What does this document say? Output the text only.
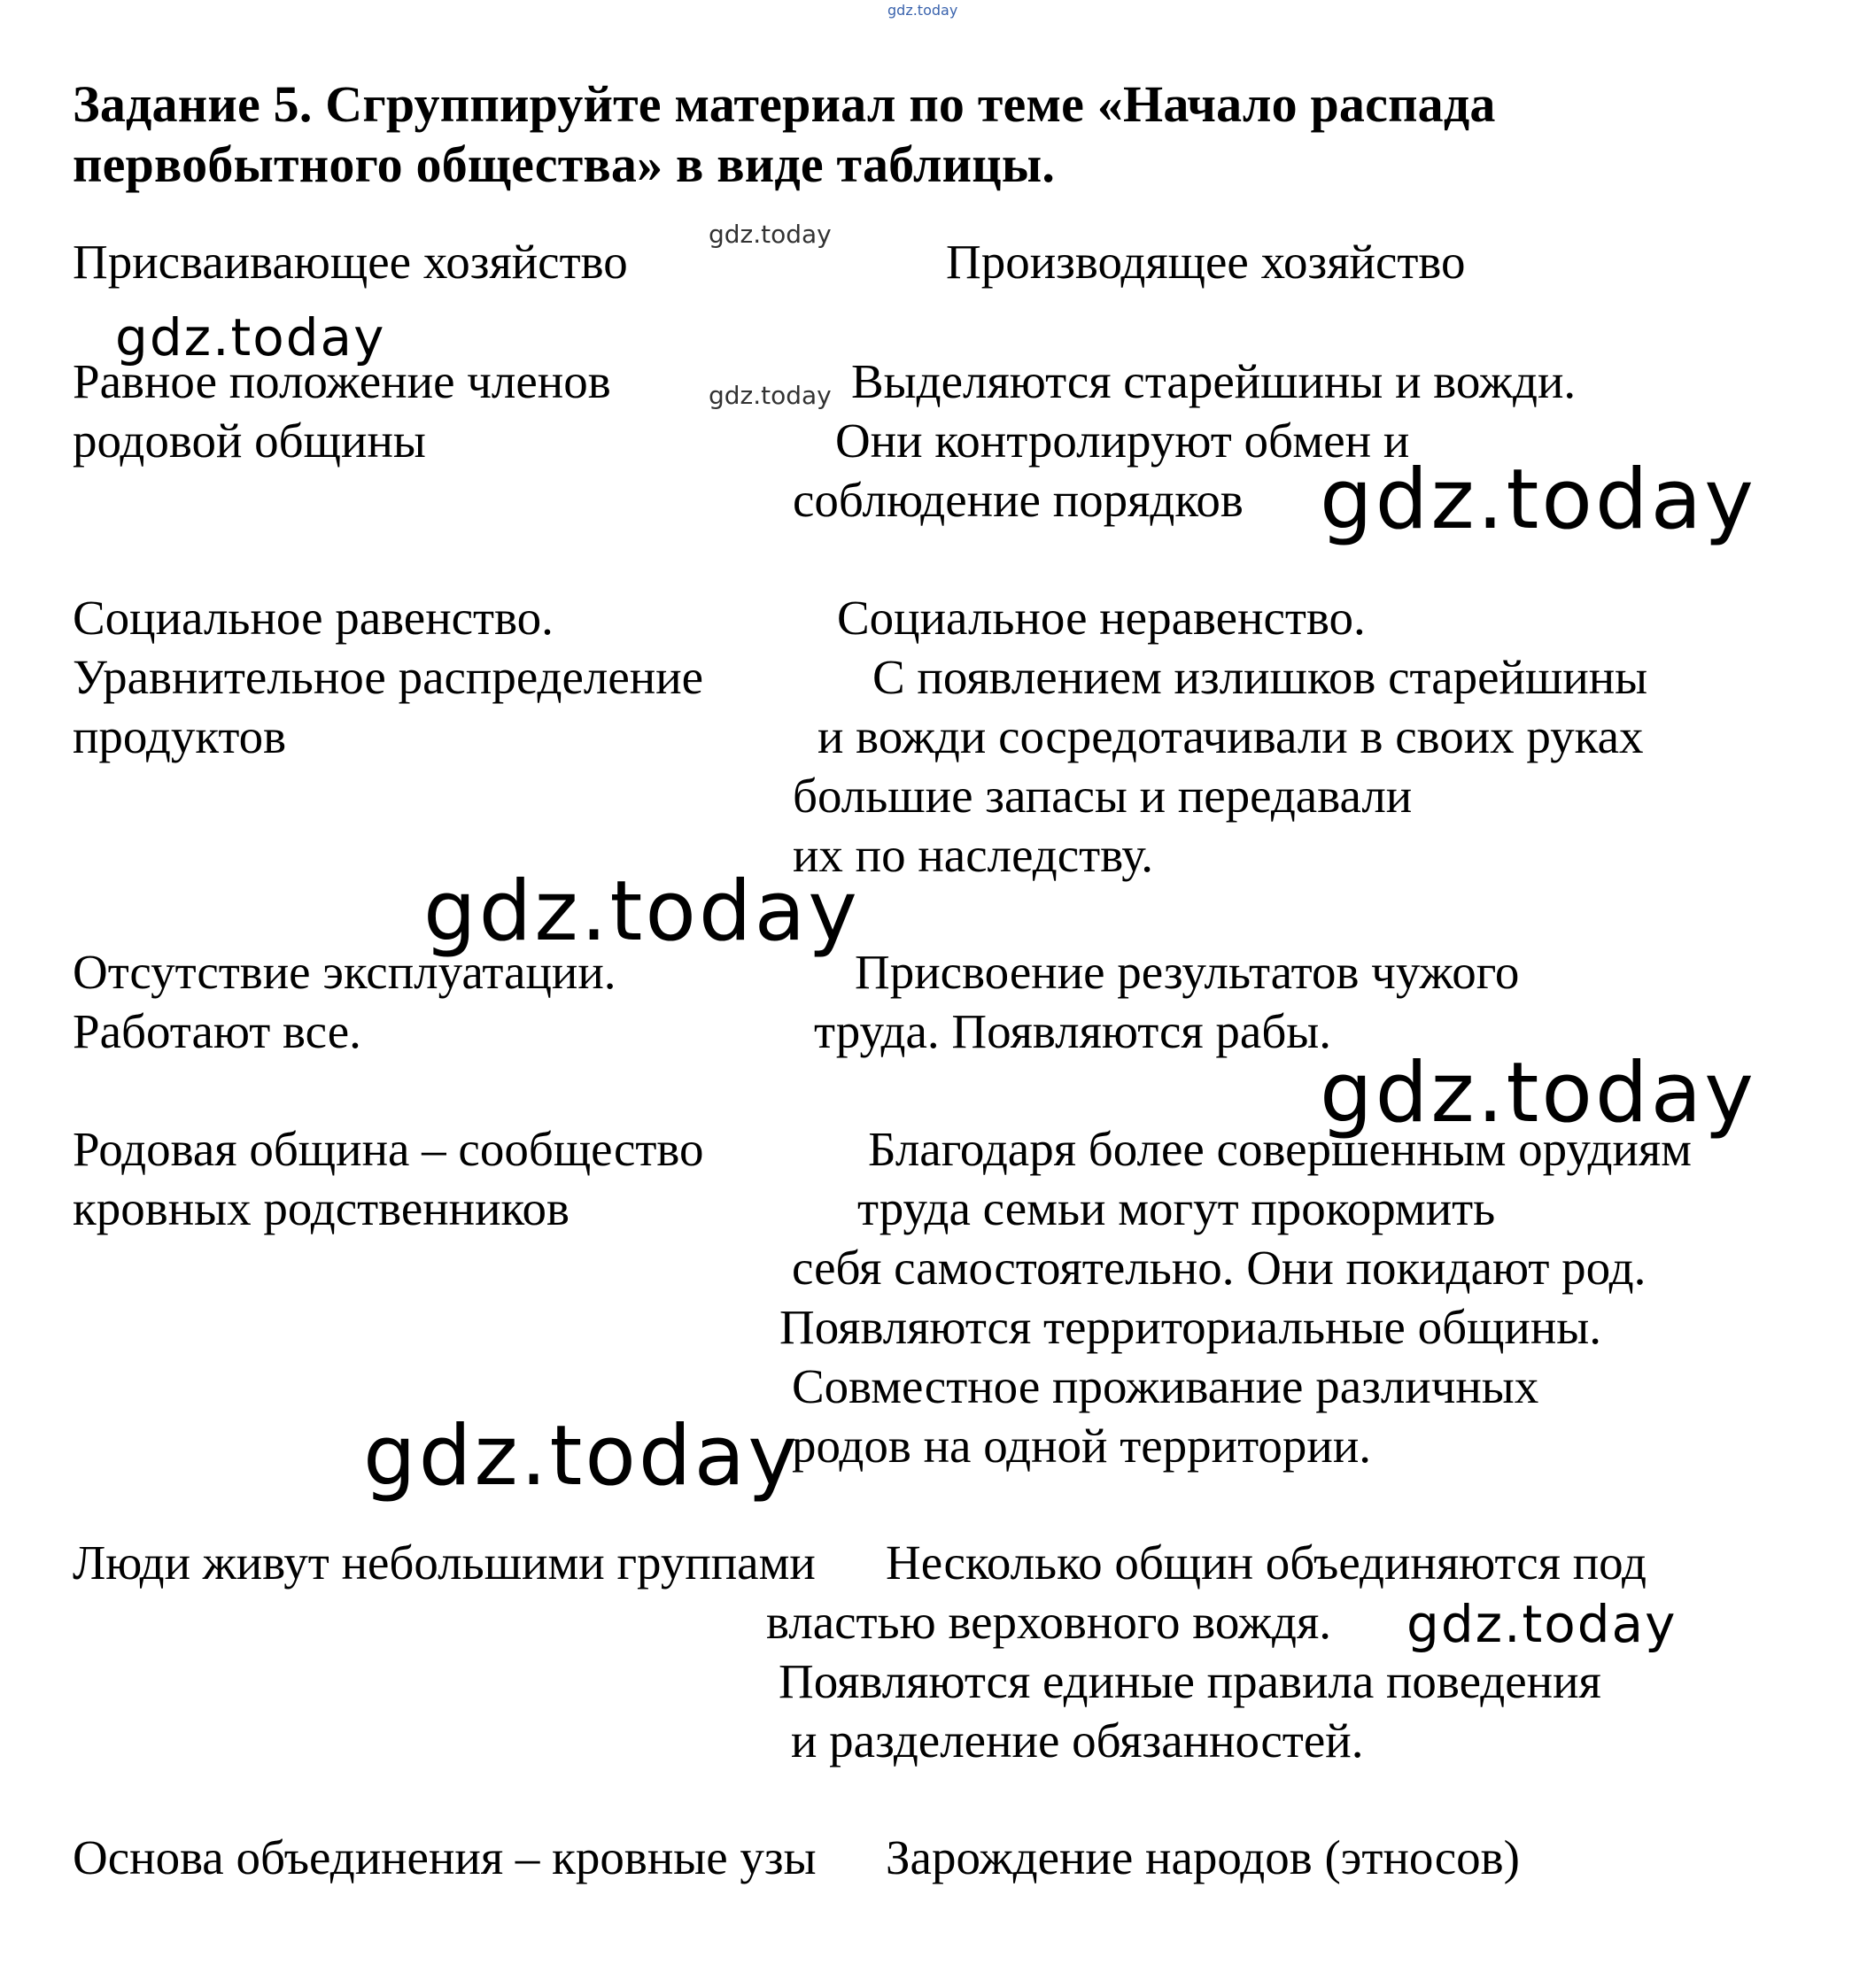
gdz.today
gdz.today
gdz.today
gdz.today
gdz.today
gdz.today
gdz.today
gdz.today
gdz.today
Задание 5. Сгруппируйте материал по теме «Начало распада
первобытного общества» в виде таблицы.
Присваивающее хозяйство	Производящее хозяйство
Равное положение членов
родовой общины
Выделяются старейшины и вожди.
Они контролируют обмен и
соблюдение порядков
Социальное равенство.
Уравнительное распределение
продуктов
Социальное неравенство.
С появлением излишков старейшины
и вожди сосредотачивали в своих руках
большие запасы и передавали
их по наследству.
Отсутствие эксплуатации.
Работают все.
Присвоение результатов чужого
труда. Появляются рабы.
Родовая община – сообщество
кровных родственников
Благодаря более совершенным орудиям
труда семьи могут прокормить
себя самостоятельно. Они покидают род.
Появляются территориальные общины.
Совместное проживание различных
родов на одной территории.
Люди живут небольшими группами	Несколько общин объединяются под
властью верховного вождя.
Появляются единые правила поведения
и разделение обязанностей.
Основа объединения – кровные узы Зарождение народов (этносов)
